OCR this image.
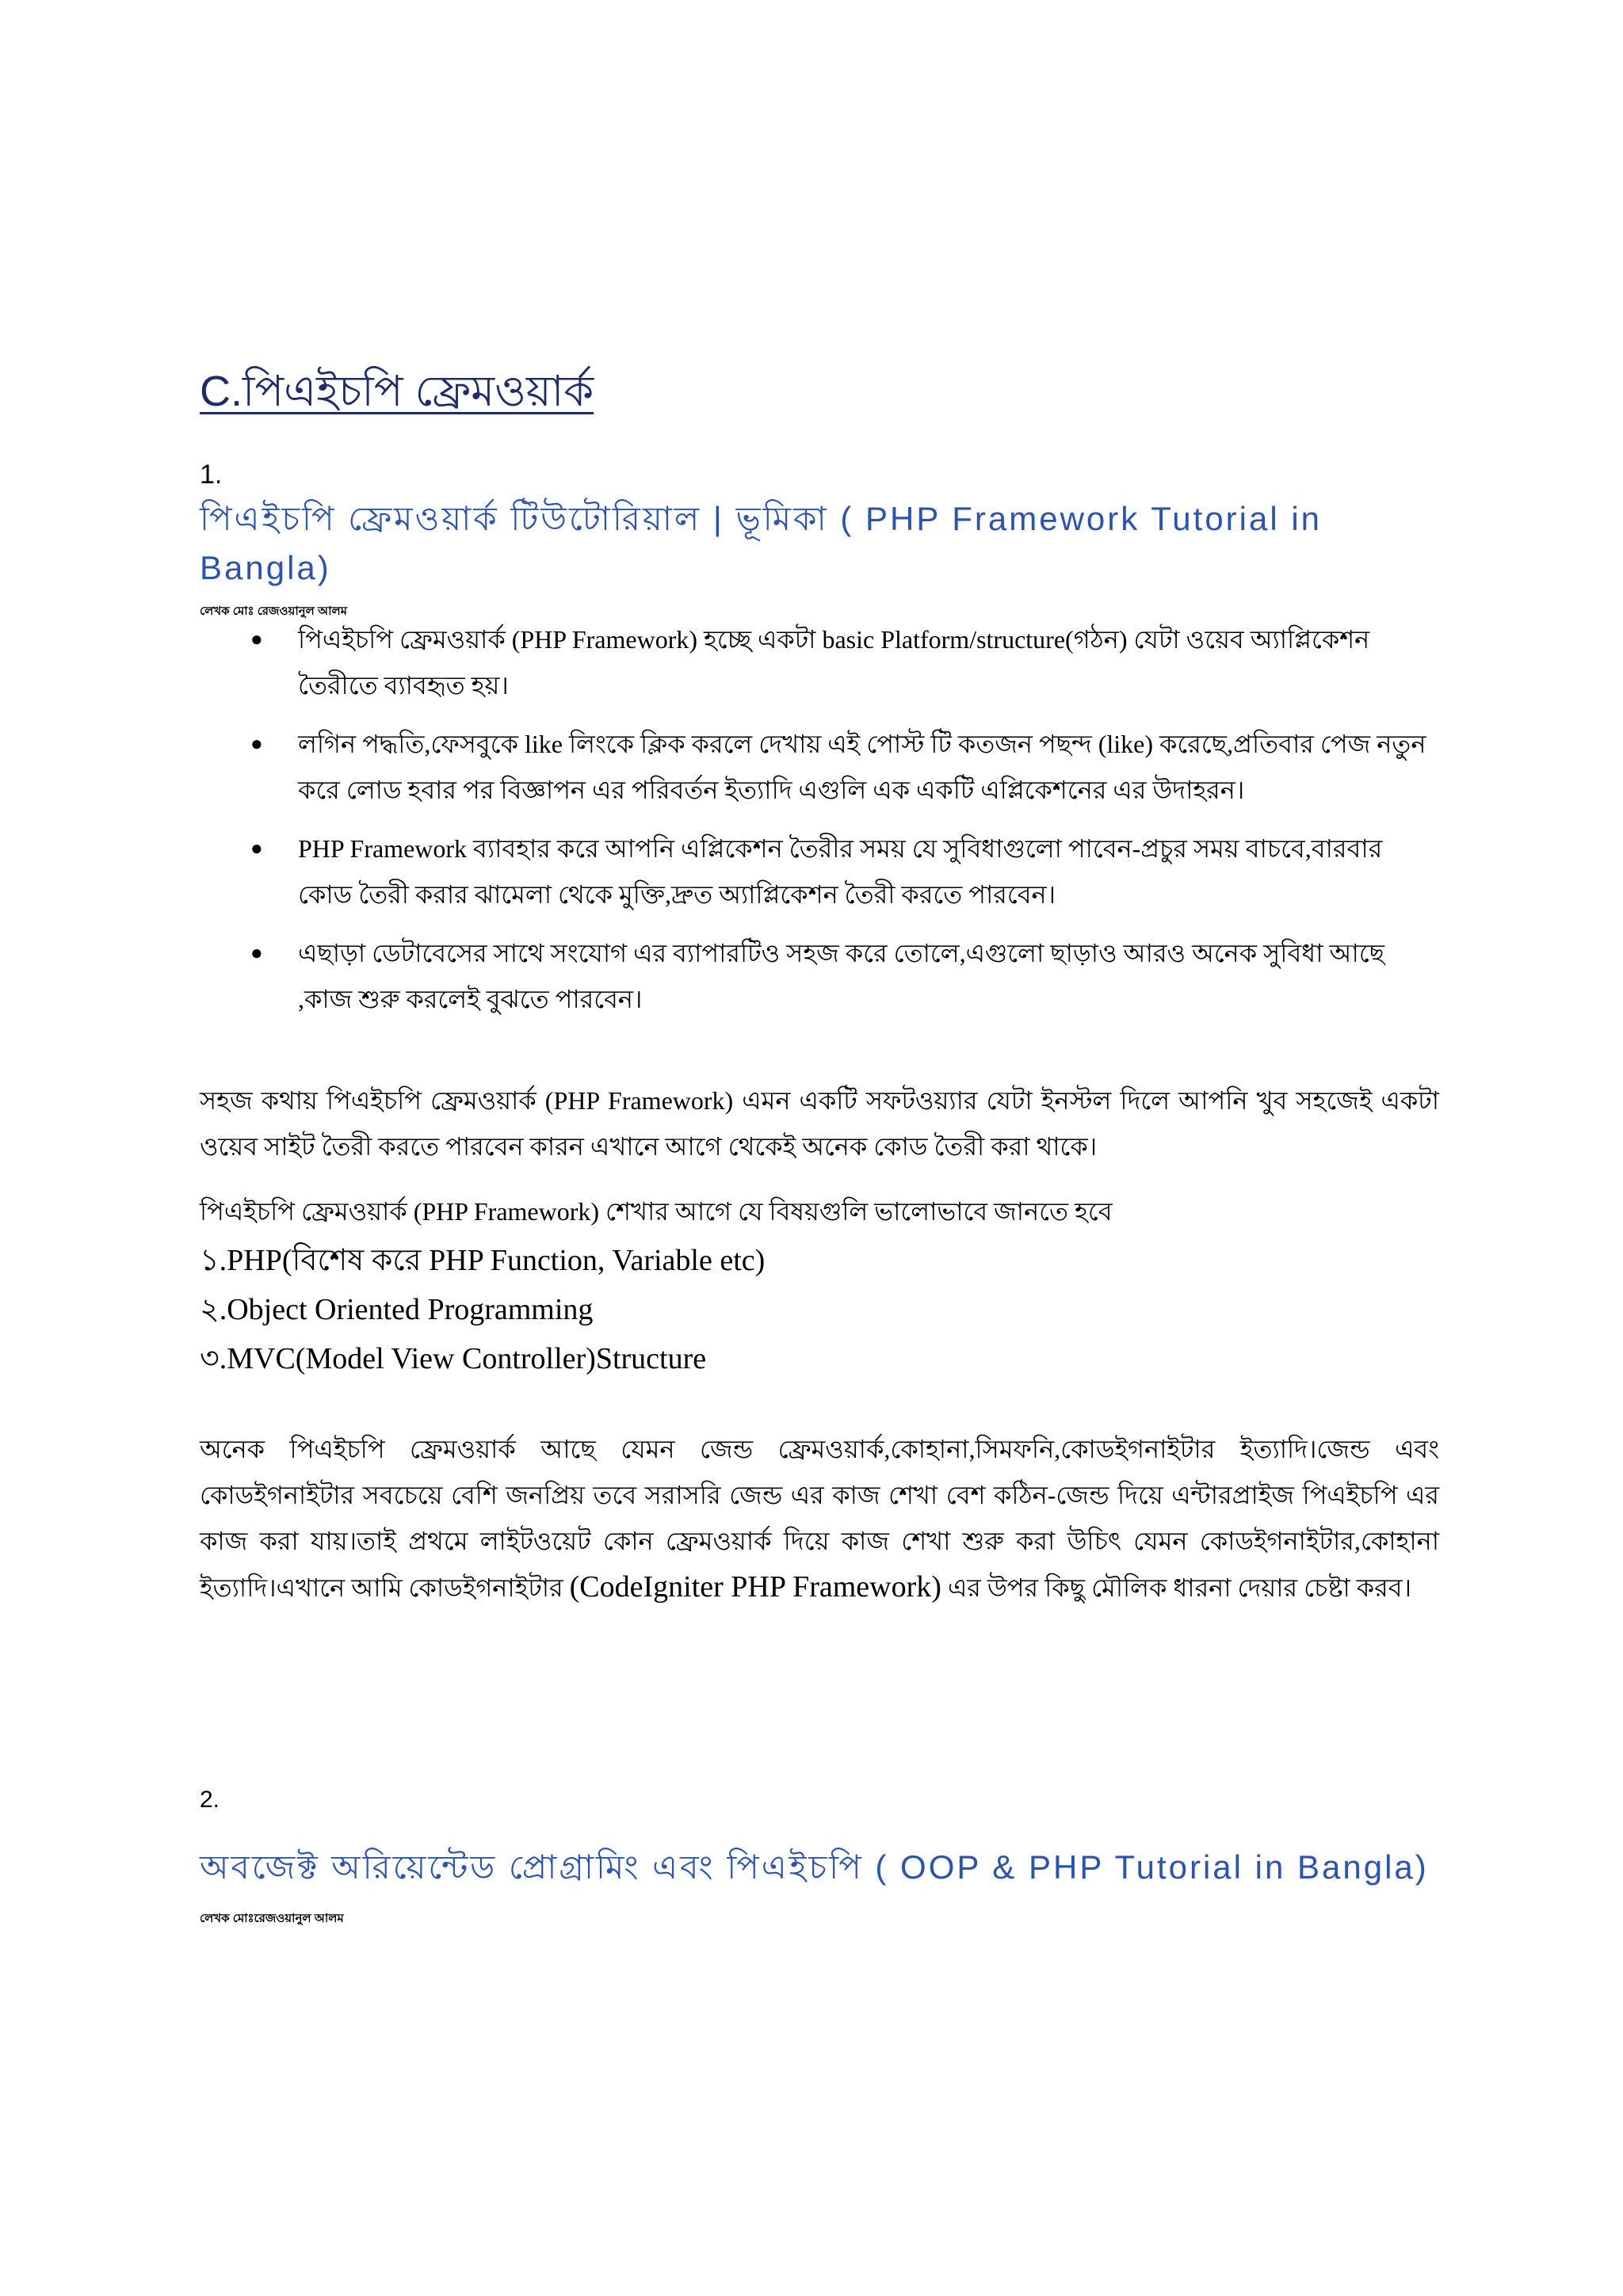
C.পিএইচপি ফ্রেমওয়ার্ক
1.
পিএইচপি ফ্রেমওয়ার্ক টিউটোরিয়াল | ভূমিকা ( PHP Framework Tutorial in Bangla)
লেখক মোঃ রেজওয়ানুল আলম
● পিএইচপি ফ্রেমওয়ার্ক (PHP Framework) হচ্ছে একটা basic Platform/structure(গঠন) যেটা ওয়েব অ্যাপ্লিকেশন তৈরীতে ব্যাবহৃত হয়।
● লগিন পদ্ধতি,ফেসবুকে like লিংকে ক্লিক করলে দেখায় এই পোস্ট টি কতজন পছন্দ (like) করেছে,প্রতিবার পেজ নতুন করে লোড হবার পর বিজ্ঞাপন এর পরিবর্তন ইত্যাদি এগুলি এক একটি এপ্লিকেশনের এর উদাহরন।
● PHP Framework ব্যাবহার করে আপনি এপ্লিকেশন তৈরীর সময় যে সুবিধাগুলো পাবেন-প্রচুর সময় বাচবে,বারবার কোড তৈরী করার ঝামেলা থেকে মুক্তি,দ্রুত অ্যাপ্লিকেশন তৈরী করতে পারবেন।
● এছাড়া ডেটাবেসের সাথে সংযোগ এর ব্যাপারটিও সহজ করে তোলে,এগুলো ছাড়াও আরও অনেক সুবিধা আছে ,কাজ শুরু করলেই বুঝতে পারবেন।
সহজ কথায় পিএইচপি ফ্রেমওয়ার্ক (PHP Framework) এমন একটি সফটওয়্যার যেটা ইনস্টল দিলে আপনি খুব সহজেই একটা ওয়েব সাইট তৈরী করতে পারবেন কারন এখানে আগে থেকেই অনেক কোড তৈরী করা থাকে।
পিএইচপি ফ্রেমওয়ার্ক (PHP Framework) শেখার আগে যে বিষয়গুলি ভালোভাবে জানতে হবে
১.PHP(বিশেষ করে PHP Function, Variable etc)
২.Object Oriented Programming
৩.MVC(Model View Controller)Structure
অনেক পিএইচপি ফ্রেমওয়ার্ক আছে যেমন জেন্ড ফ্রেমওয়ার্ক,কোহানা,সিমফনি,কোডইগনাইটার ইত্যাদি।জেন্ড এবং কোডইগনাইটার সবচেয়ে বেশি জনপ্রিয় তবে সরাসরি জেন্ড এর কাজ শেখা বেশ কঠিন-জেন্ড দিয়ে এন্টারপ্রাইজ পিএইচপি এর কাজ করা যায়।তাই প্রথমে লাইটওয়েট কোন ফ্রেমওয়ার্ক দিয়ে কাজ শেখা শুরু করা উচিৎ যেমন কোডইগনাইটার,কোহানা ইত্যাদি।এখানে আমি কোডইগনাইটার (CodeIgniter PHP Framework) এর উপর কিছু মৌলিক ধারনা দেয়ার চেষ্টা করব।
2.
অবজেক্ট অরিয়েন্টেড প্রোগ্রামিং এবং পিএইচপি ( OOP & PHP Tutorial in Bangla)
লেখক মোঃরেজওয়ানুল আলম
